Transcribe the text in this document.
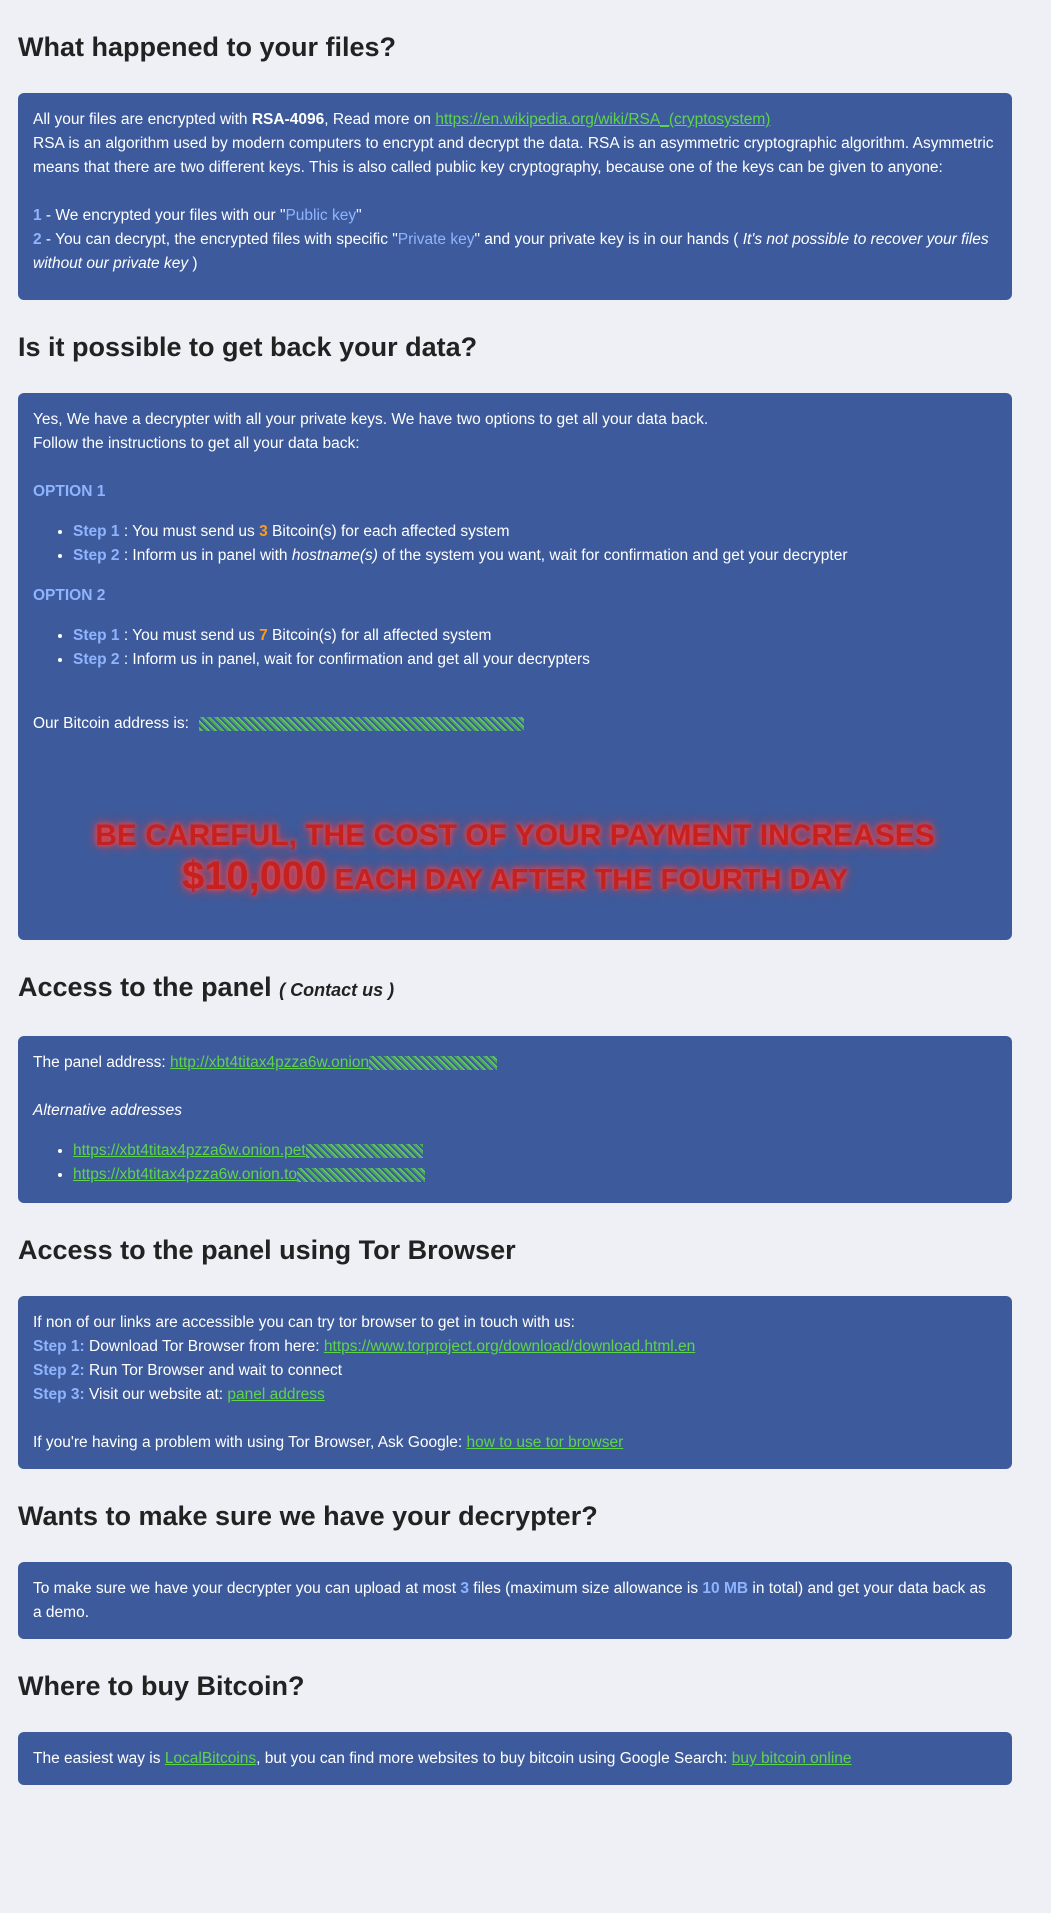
What happened to your files?
All your files are encrypted with RSA-4096, Read more on https://en.wikipedia.org/wiki/RSA_(cryptosystem)
RSA is an algorithm used by modern computers to encrypt and decrypt the data. RSA is an asymmetric cryptographic algorithm. Asymmetric means that there are two different keys. This is also called public key cryptography, because one of the keys can be given to anyone:
1 - We encrypted your files with our "Public key"
2 - You can decrypt, the encrypted files with specific "Private key" and your private key is in our hands ( It's not possible to recover your files without our private key )
Is it possible to get back your data?
Yes, We have a decrypter with all your private keys. We have two options to get all your data back.
Follow the instructions to get all your data back:
OPTION 1
• Step 1 : You must send us 3 Bitcoin(s) for each affected system
• Step 2 : Inform us in panel with hostname(s) of the system you want, wait for confirmation and get your decrypter
OPTION 2
• Step 1 : You must send us 7 Bitcoin(s) for all affected system
• Step 2 : Inform us in panel, wait for confirmation and get all your decrypters
Our Bitcoin address is:
BE CAREFUL, THE COST OF YOUR PAYMENT INCREASES
$10,000 EACH DAY AFTER THE FOURTH DAY
Access to the panel ( Contact us )
The panel address: http://xbt4titax4pzza6w.onion
Alternative addresses
• https://xbt4titax4pzza6w.onion.pet
• https://xbt4titax4pzza6w.onion.to
Access to the panel using Tor Browser
If non of our links are accessible you can try tor browser to get in touch with us:
Step 1: Download Tor Browser from here: https://www.torproject.org/download/download.html.en
Step 2: Run Tor Browser and wait to connect
Step 3: Visit our website at: panel address
If you're having a problem with using Tor Browser, Ask Google: how to use tor browser
Wants to make sure we have your decrypter?
To make sure we have your decrypter you can upload at most 3 files (maximum size allowance is 10 MB in total) and get your data back as a demo.
Where to buy Bitcoin?
The easiest way is LocalBitcoins, but you can find more websites to buy bitcoin using Google Search: buy bitcoin online
